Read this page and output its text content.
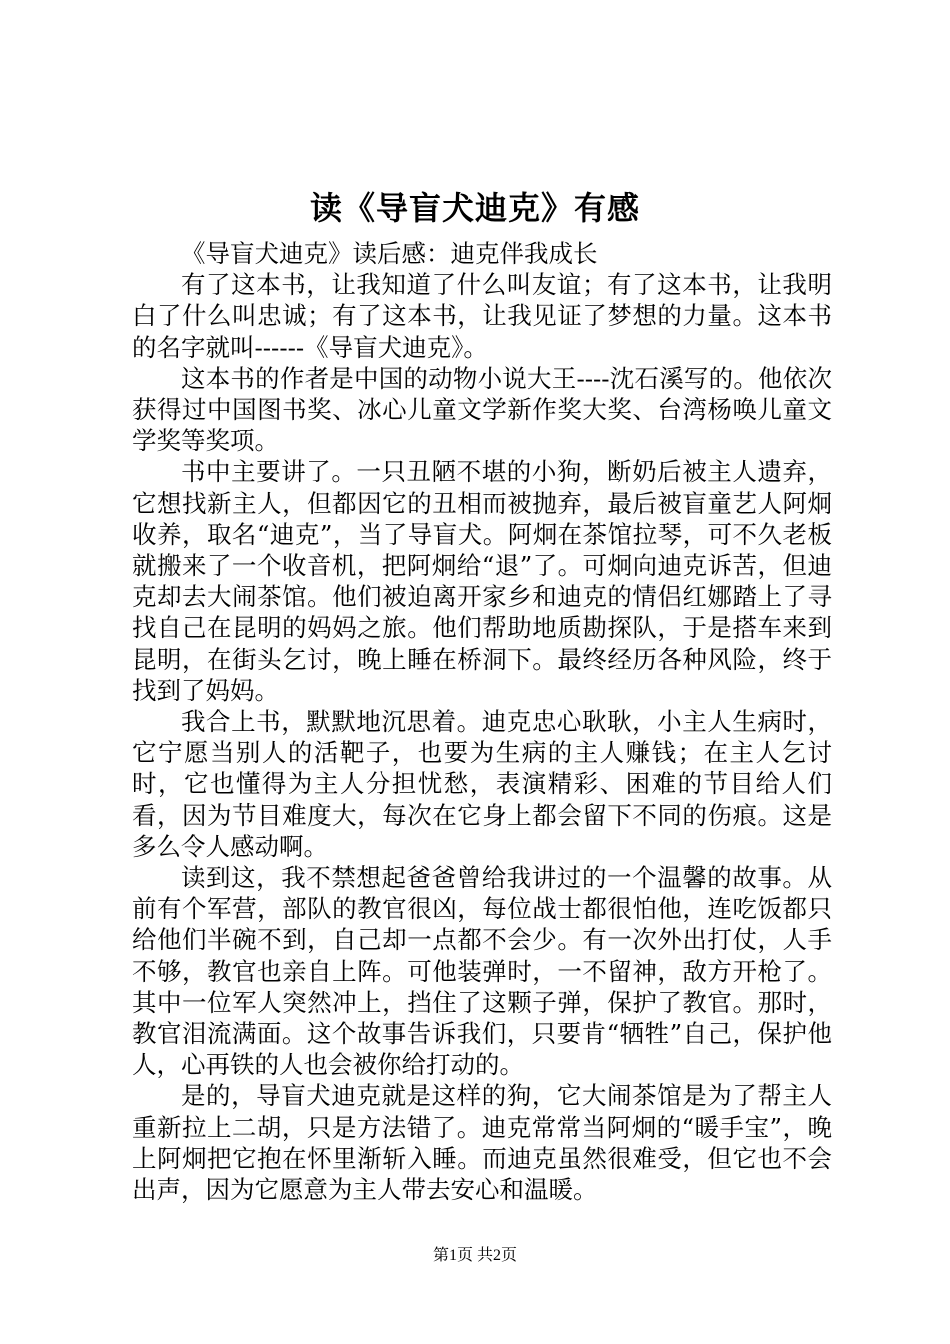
读《导盲犬迪克》有感

《导盲犬迪克》读后感：迪克伴我成长

有了这本书，让我知道了什么叫友谊；有了这本书，让我明白了什么叫忠诚；有了这本书，让我见证了梦想的力量。这本书的名字就叫------《导盲犬迪克》。

这本书的作者是中国的动物小说大王----沈石溪写的。他依次获得过中国图书奖、冰心儿童文学新作奖大奖、台湾杨唤儿童文学奖等奖项。

书中主要讲了。一只丑陋不堪的小狗，断奶后被主人遗弃，它想找新主人，但都因它的丑相而被抛弃，最后被盲童艺人阿炯收养，取名“迪克”，当了导盲犬。阿炯在茶馆拉琴，可不久老板就搬来了一个收音机，把阿炯给“退”了。可炯向迪克诉苦，但迪克却去大闹茶馆。他们被迫离开家乡和迪克的情侣红娜踏上了寻找自己在昆明的妈妈之旅。他们帮助地质勘探队，于是搭车来到昆明，在街头乞讨，晚上睡在桥洞下。最终经历各种风险，终于找到了妈妈。

我合上书，默默地沉思着。迪克忠心耿耿，小主人生病时，它宁愿当别人的活靶子，也要为生病的主人赚钱；在主人乞讨时，它也懂得为主人分担忧愁，表演精彩、困难的节目给人们看，因为节目难度大，每次在它身上都会留下不同的伤痕。这是多么令人感动啊。

读到这，我不禁想起爸爸曾给我讲过的一个温馨的故事。从前有个军营，部队的教官很凶，每位战士都很怕他，连吃饭都只给他们半碗不到，自己却一点都不会少。有一次外出打仗，人手不够，教官也亲自上阵。可他装弹时，一不留神，敌方开枪了。其中一位军人突然冲上，挡住了这颗子弹，保护了教官。那时，教官泪流满面。这个故事告诉我们，只要肯“牺牲”自己，保护他人，心再铁的人也会被你给打动的。

是的，导盲犬迪克就是这样的狗，它大闹茶馆是为了帮主人重新拉上二胡，只是方法错了。迪克常常当阿炯的“暖手宝”，晚上阿炯把它抱在怀里渐斩入睡。而迪克虽然很难受，但它也不会出声，因为它愿意为主人带去安心和温暖。

第1页 共2页
